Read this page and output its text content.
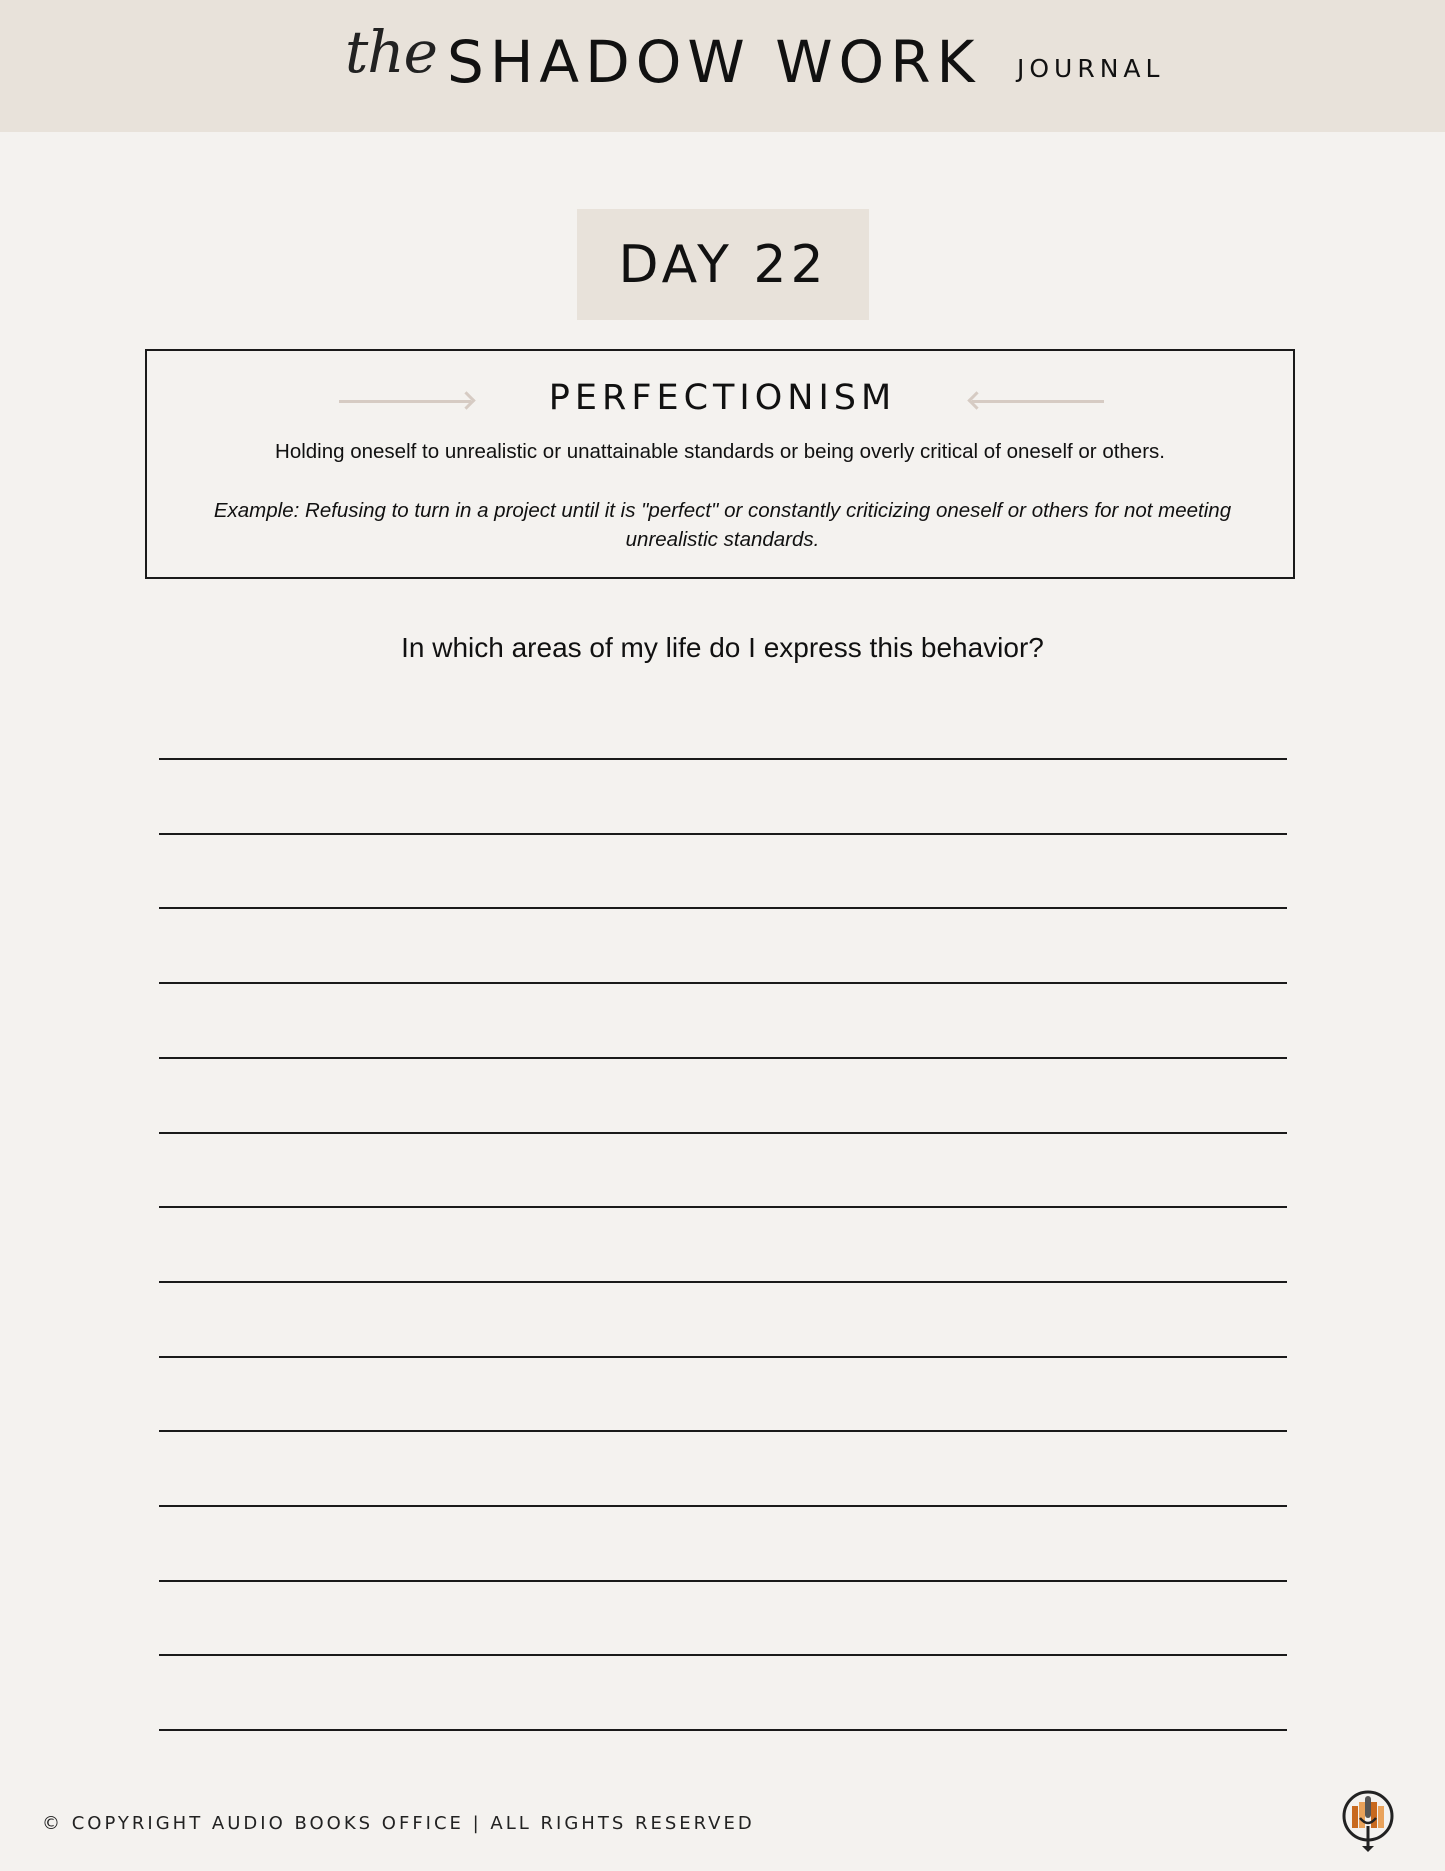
the SHADOW WORK JOURNAL
DAY 22
PERFECTIONISM
Holding oneself to unrealistic or unattainable standards or being overly critical of oneself or others.
Example: Refusing to turn in a project until it is "perfect" or constantly criticizing oneself or others for not meeting unrealistic standards.
In which areas of my life do I express this behavior?
© COPYRIGHT AUDIO BOOKS OFFICE | ALL RIGHTS RESERVED
